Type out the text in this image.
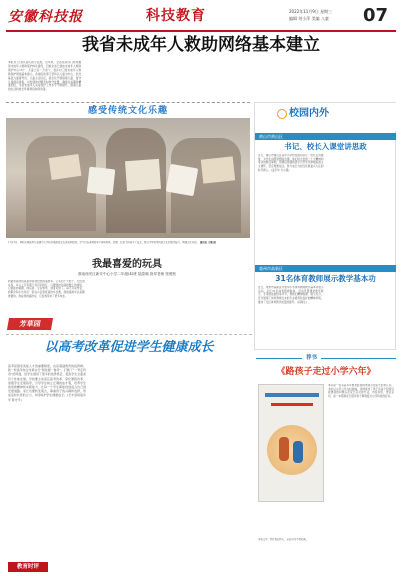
安徽科技报	科技教育	2022年11月9日 星期三
编辑 刘小萍 美编 八童 07
我省未成年人救助网络基本建立
本报讯 记者从省民政厅获悉，近年来，全省民政部门持续推进未成年人救助保护体系建设，目前全省已建成未成年人救助保护中心16个、儿童之家一万余个，县乡村三级未成年人救助保护网络基本建立。各地民政部门坚持以儿童为中心，依托基层儿童督导员、儿童主任队伍，常态化开展困境儿童、留守儿童摸底排查，对发现的问题及时转介处置，确保关爱服务精准到位，全省未成年人关爱保护工作水平不断提升，困境儿童的生活和成长环境得到持续改善。
感受传统文化乐趣
11月3日，阜阳市颍泉区行流镇中心学校开展传统文化进校园活动，学生们在老师指导下体验剪纸、泥塑、扎染等传统手工技艺，感受中华优秀传统文化的独特魅力，增强文化自信。 通讯员 王刚 摄
校园内外
黄山市黄山区
书记、校长入课堂讲思政
近日，黄山市黄山区各中小学校党组织书记、校长走进课堂，为学生讲授思想政治课。他们结合党的二十大精神和身边的鲜活事例，用通俗易懂的语言引导学生厚植爱国主义情怀，坚定理想信念，努力成长为担当民族复兴大任的时代新人。(孟宇华 方小强)
亳州市高新区
31名体育教师展示教学基本功
近日，亳州市高新区开展中小学体育教师教学基本功展示活动，全区31名体育教师参加。活动设置课堂教学展示、专项技能测试等环节，教师们精神饱满、展示充分，充分展现了体育教师扎实的专业素养和良好的精神风貌，推动了全区体育教学质量的提升。(闫海生)
我最喜爱的玩具
淮南西安区新安中心小学二年级(4)班 陆泰翰 指导老师 张俊松
我最喜爱的玩具是爸爸送给我的遥控车。它有四个大轮子，红色的车身，车头上还有两个亮闪闪的灯。只要我按动遥控器上的按钮，它就能向前跑、向后退、左右转弯，速度可快了。每天写完作业，我都会和小伙伴们一起在小区里玩遥控车比赛，我的遥控车总是跑得最快。我爱我的遥控车，它给我带来了很多快乐。
芳草园
以高考改革促进学生健康成长
高考是国家选拔人才的重要制度，也是基础教育的指挥棒。新一轮高考综合改革实行“两依据一参考”，打破了“一考定终身”的局面，给学生提供了更多的选择机会，促进学生全面而有个性地发展。学校要主动适应高考改革，深化课程改革，加强学生发展指导，引导学生树立正确的成才观，培养学生的创新精神和实践能力，让每一个学生都能找到适合自己的发展道路。家长也要转变观念，尊重孩子的兴趣和选择，形成家校共育的合力，共同呵护学生健康成长。(长丰县杨庙中学 陈守平)
教育时评
荐书
《路孩子走过小学六年》
本书是一位有着多年教育经验的老师写给家长的育儿书。书中以小学六年为时间轴，详细讲述了孩子在每个阶段可能遇到的问题以及家长应对的方法，内容实用，语言亲切，是一本帮助家长陪伴孩子顺利度过小学阶段的好书。
本版文字、图片版权所有，未经许可不得转载。
